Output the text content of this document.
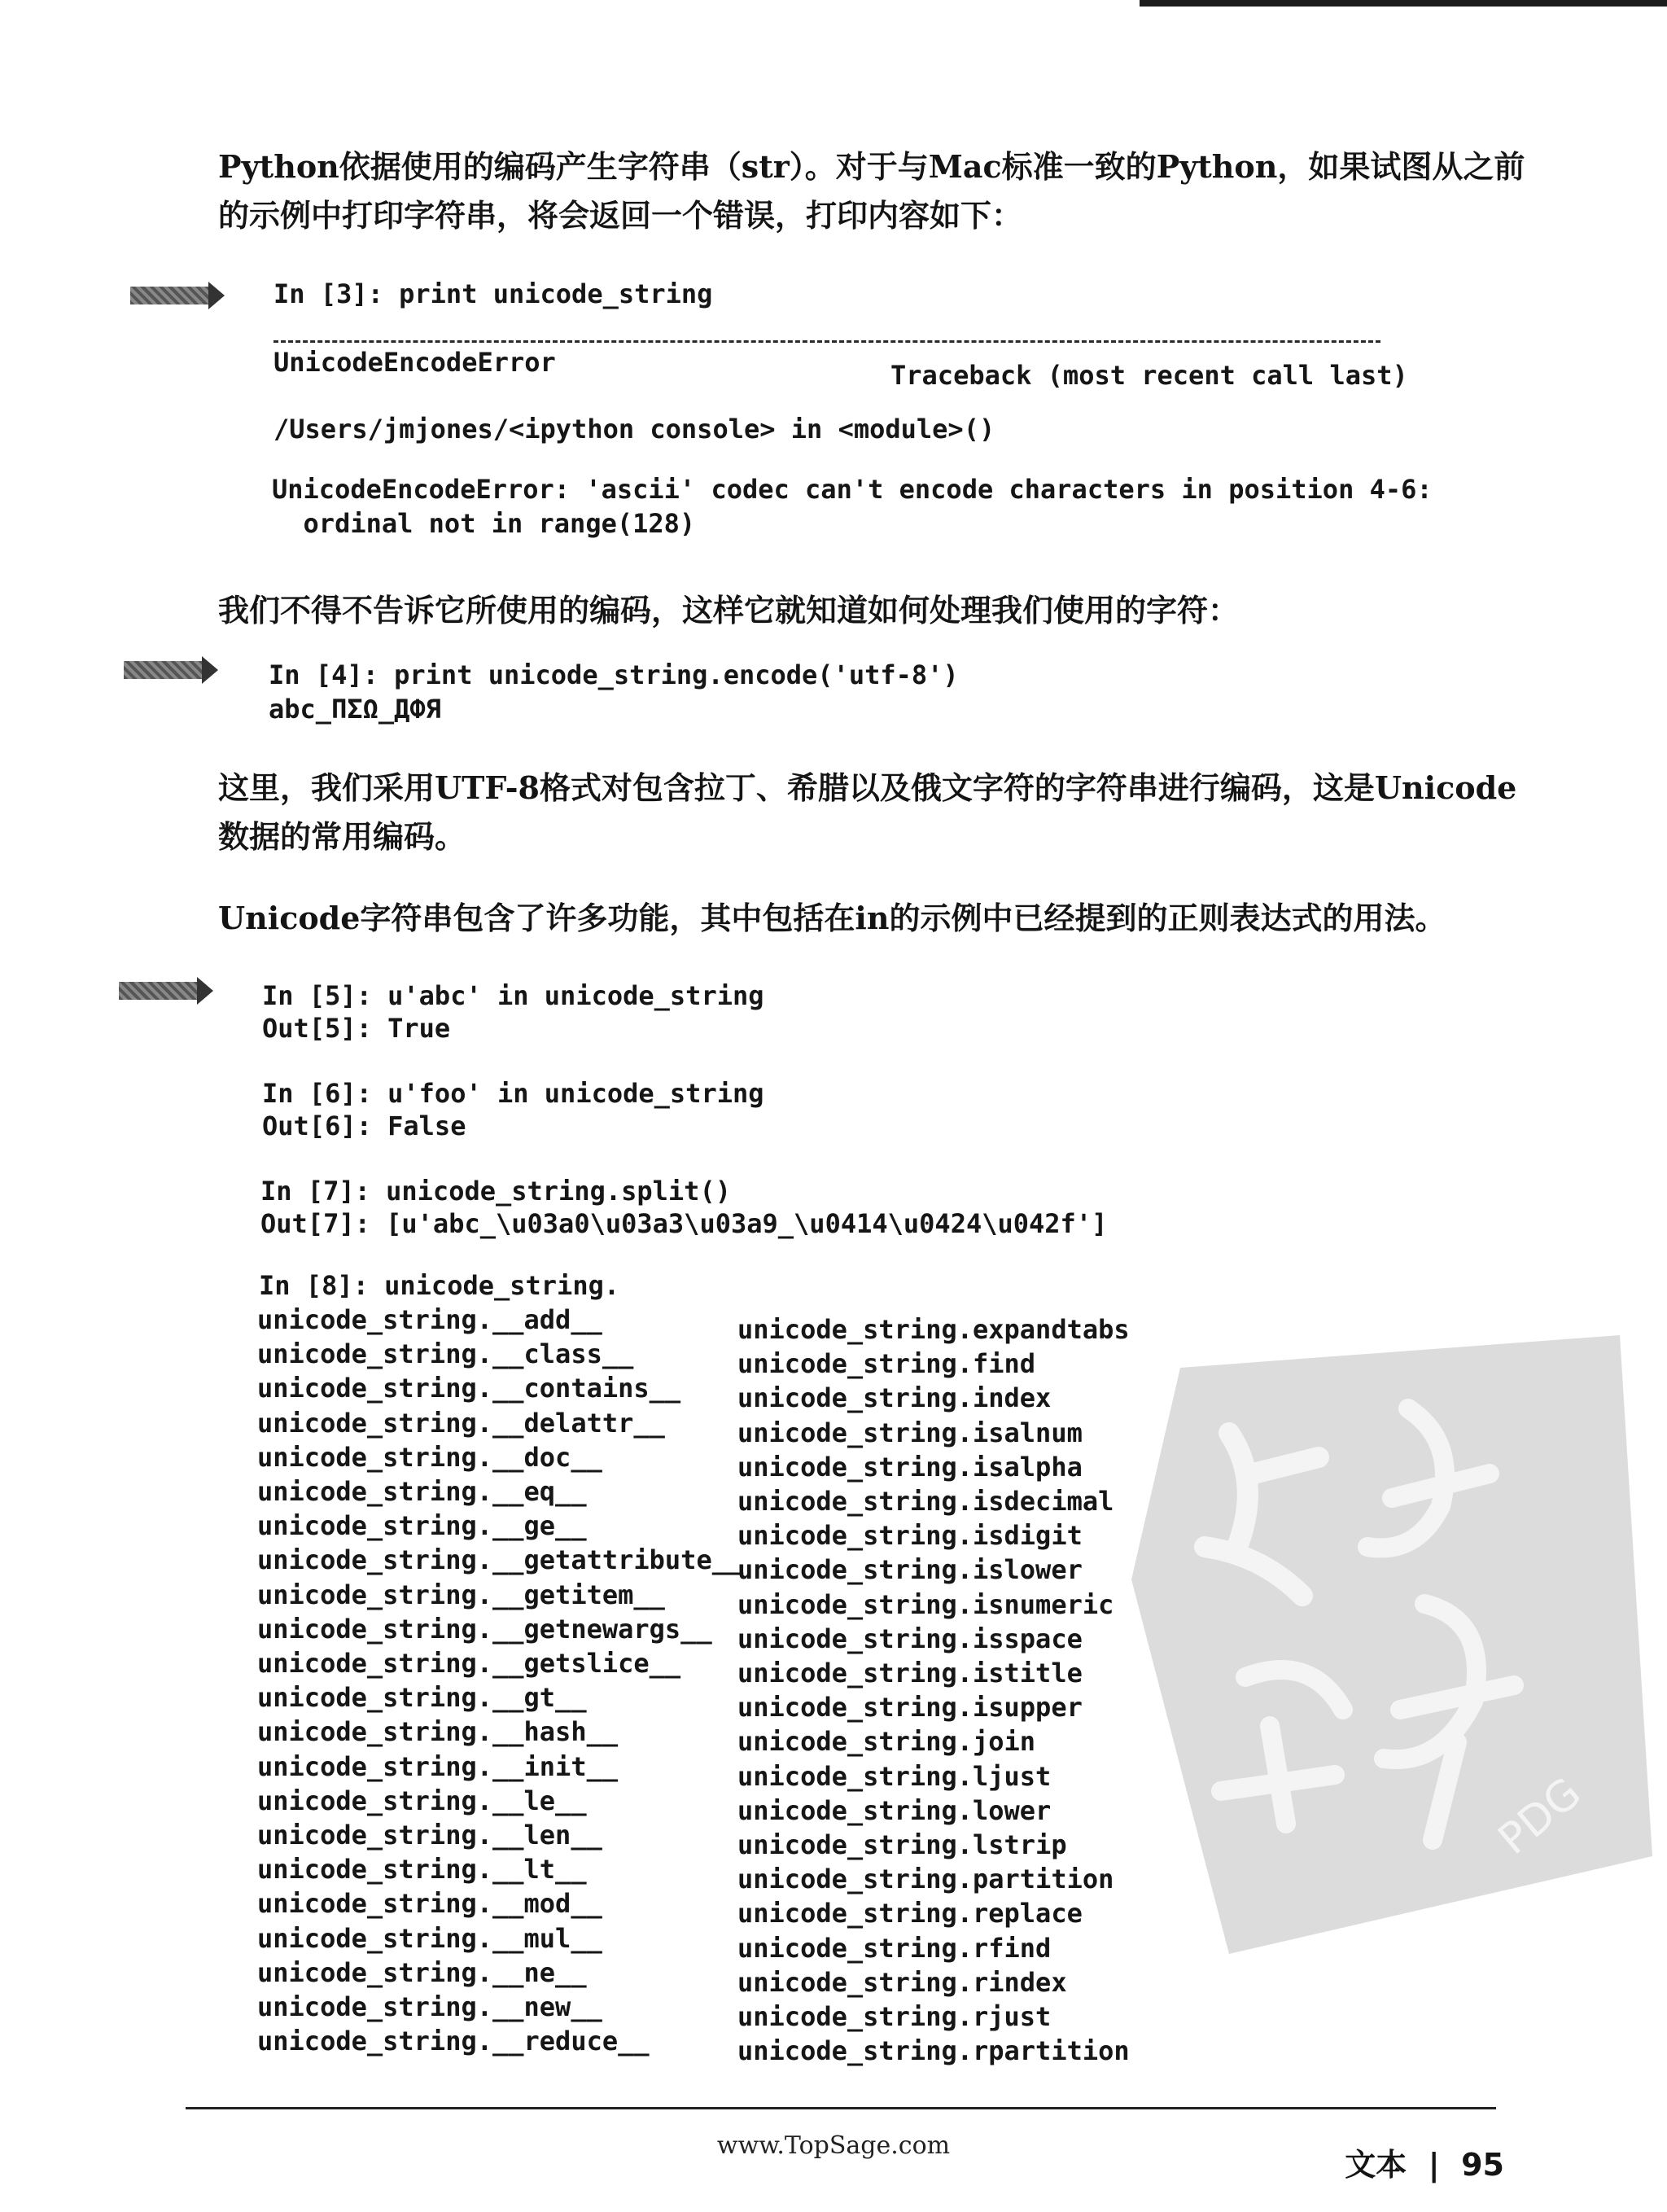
PDG
Python依据使用的编码产生字符串（str）。对于与Mac标准一致的Python，如果试图从之前的示例中打印字符串，将会返回一个错误，打印内容如下：
In [3]: print unicode_string
UnicodeEncodeError	Traceback (most recent call last)
/Users/jmjones/<ipython console> in <module>()
UnicodeEncodeError: 'ascii' codec can't encode characters in position 4-6:
ordinal not in range(128)
我们不得不告诉它所使用的编码，这样它就知道如何处理我们使用的字符：
In [4]: print unicode_string.encode('utf-8')
abc_ΠΣΩ_ДФЯ
这里，我们采用UTF-8格式对包含拉丁、希腊以及俄文字符的字符串进行编码，这是Unicode数据的常用编码。
Unicode字符串包含了许多功能，其中包括在in的示例中已经提到的正则表达式的用法。
In [5]: u'abc' in unicode_string
Out[5]: True
In [6]: u'foo' in unicode_string
Out[6]: False
In [7]: unicode_string.split()
Out[7]: [u'abc_\u03a0\u03a3\u03a9_\u0414\u0424\u042f']
In [8]: unicode_string.
unicode_string.__add__
unicode_string.__class__
unicode_string.__contains__
unicode_string.__delattr__
unicode_string.__doc__
unicode_string.__eq__
unicode_string.__ge__
unicode_string.__getattribute__
unicode_string.__getitem__
unicode_string.__getnewargs__
unicode_string.__getslice__
unicode_string.__gt__
unicode_string.__hash__
unicode_string.__init__
unicode_string.__le__
unicode_string.__len__
unicode_string.__lt__
unicode_string.__mod__
unicode_string.__mul__
unicode_string.__ne__
unicode_string.__new__
unicode_string.__reduce__
unicode_string.expandtabs
unicode_string.find
unicode_string.index
unicode_string.isalnum
unicode_string.isalpha
unicode_string.isdecimal
unicode_string.isdigit
unicode_string.islower
unicode_string.isnumeric
unicode_string.isspace
unicode_string.istitle
unicode_string.isupper
unicode_string.join
unicode_string.ljust
unicode_string.lower
unicode_string.lstrip
unicode_string.partition
unicode_string.replace
unicode_string.rfind
unicode_string.rindex
unicode_string.rjust
unicode_string.rpartition
www.TopSage.com
文本 | 95
